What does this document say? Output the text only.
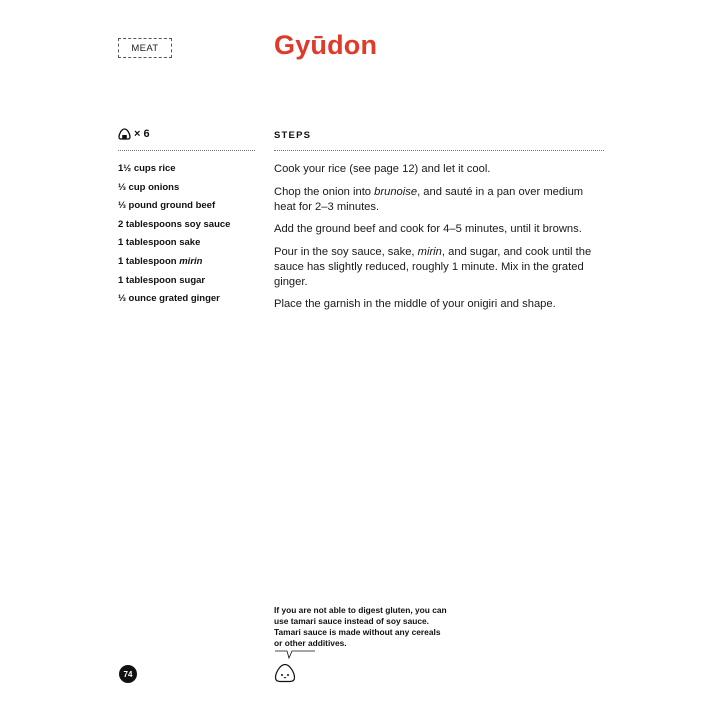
MEAT	Gyūdon
× 6	STEPS
1½ cups rice
⅓ cup onions
⅓ pound ground beef
2 tablespoons soy sauce
1 tablespoon sake
1 tablespoon mirin
1 tablespoon sugar
⅓ ounce grated ginger
Cook your rice (see page 12) and let it cool.
Chop the onion into brunoise, and sauté in a pan over medium heat for 2–3 minutes.
Add the ground beef and cook for 4–5 minutes, until it browns.
Pour in the soy sauce, sake, mirin, and sugar, and cook until the sauce has slightly reduced, roughly 1 minute. Mix in the grated ginger.
Place the garnish in the middle of your onigiri and shape.
If you are not able to digest gluten, you can use tamari sauce instead of soy sauce. Tamari sauce is made without any cereals or other additives.
74
